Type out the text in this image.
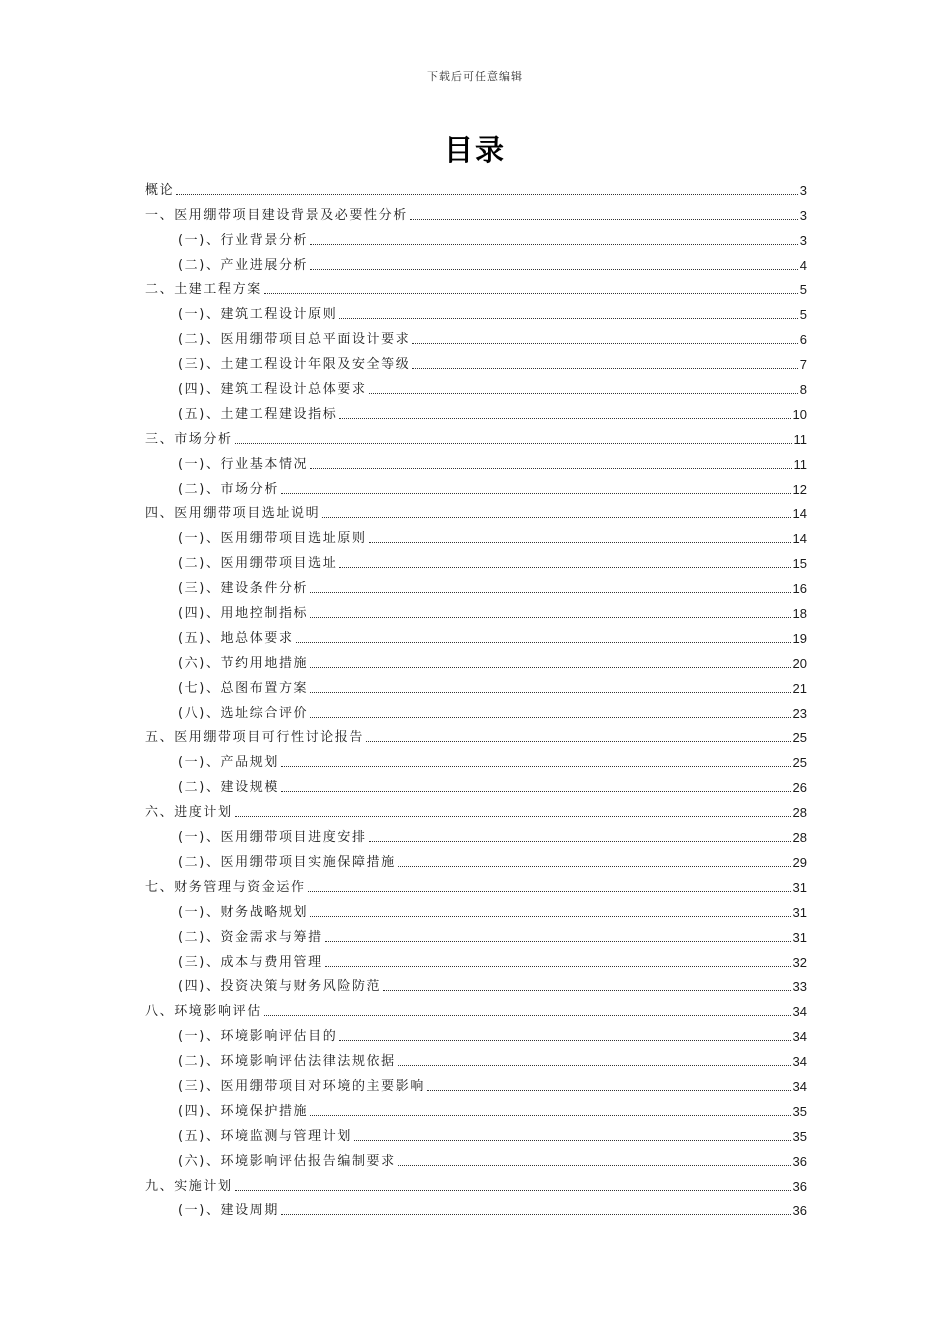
下载后可任意编辑
目录
概论	3
一、医用绷带项目建设背景及必要性分析	3
(一)、行业背景分析	3
(二)、产业进展分析	4
二、土建工程方案	5
(一)、建筑工程设计原则	5
(二)、医用绷带项目总平面设计要求	6
(三)、土建工程设计年限及安全等级	7
(四)、建筑工程设计总体要求	8
(五)、土建工程建设指标	10
三、市场分析	11
(一)、行业基本情况	11
(二)、市场分析	12
四、医用绷带项目选址说明	14
(一)、医用绷带项目选址原则	14
(二)、医用绷带项目选址	15
(三)、建设条件分析	16
(四)、用地控制指标	18
(五)、地总体要求	19
(六)、节约用地措施	20
(七)、总图布置方案	21
(八)、选址综合评价	23
五、医用绷带项目可行性讨论报告	25
(一)、产品规划	25
(二)、建设规模	26
六、进度计划	28
(一)、医用绷带项目进度安排	28
(二)、医用绷带项目实施保障措施	29
七、财务管理与资金运作	31
(一)、财务战略规划	31
(二)、资金需求与筹措	31
(三)、成本与费用管理	32
(四)、投资决策与财务风险防范	33
八、环境影响评估	34
(一)、环境影响评估目的	34
(二)、环境影响评估法律法规依据	34
(三)、医用绷带项目对环境的主要影响	34
(四)、环境保护措施	35
(五)、环境监测与管理计划	35
(六)、环境影响评估报告编制要求	36
九、实施计划	36
(一)、建设周期	36
